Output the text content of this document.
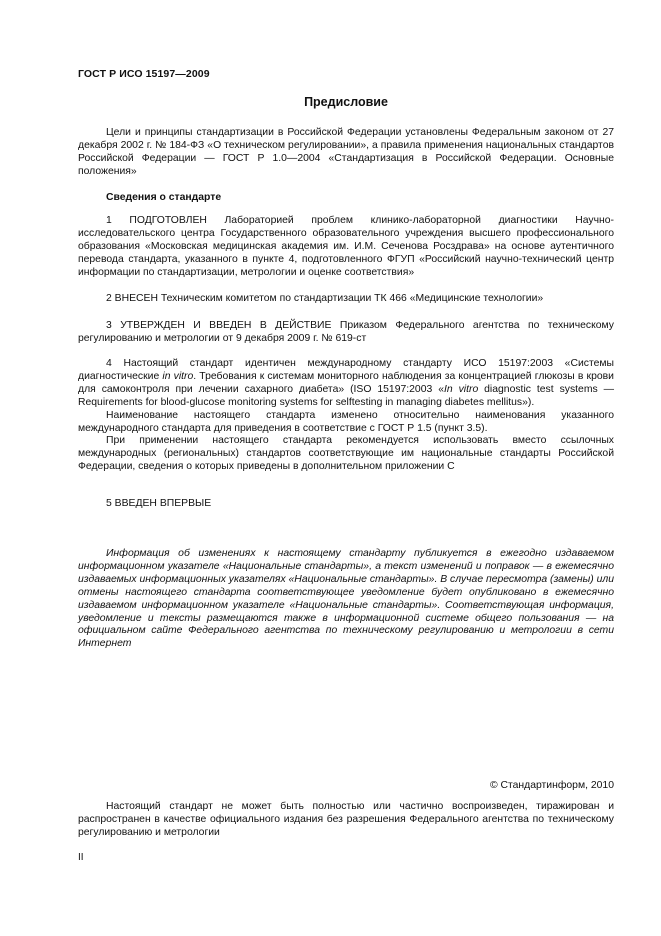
ГОСТ Р ИСО 15197—2009
Предисловие
Цели и принципы стандартизации в Российской Федерации установлены Федеральным законом от 27 декабря 2002 г. № 184-ФЗ «О техническом регулировании», а правила применения национальных стандартов Российской Федерации — ГОСТ Р 1.0—2004 «Стандартизация в Российской Федерации. Основные положения»
Сведения о стандарте
1 ПОДГОТОВЛЕН Лабораторией проблем клинико-лабораторной диагностики Научно-исследовательского центра Государственного образовательного учреждения высшего профессионального образования «Московская медицинская академия им. И.М. Сеченова Росздрава» на основе аутентичного перевода стандарта, указанного в пункте 4, подготовленного ФГУП «Российский научно-технический центр информации по стандартизации, метрологии и оценке соответствия»
2 ВНЕСЕН Техническим комитетом по стандартизации ТК 466 «Медицинские технологии»
3 УТВЕРЖДЕН И ВВЕДЕН В ДЕЙСТВИЕ Приказом Федерального агентства по техническому регулированию и метрологии от 9 декабря 2009 г. № 619-ст

4 Настоящий стандарт идентичен международному стандарту ИСО 15197:2003 «Системы диагностические in vitro. Требования к системам мониторного наблюдения за концентрацией глюкозы в крови для самоконтроля при лечении сахарного диабета» (ISO 15197:2003 «In vitro diagnostic test systems — Requirements for blood-glucose monitoring systems for selftesting in managing diabetes mellitus»).

Наименование настоящего стандарта изменено относительно наименования указанного международного стандарта для приведения в соответствие с ГОСТ Р 1.5 (пункт 3.5).

При применении настоящего стандарта рекомендуется использовать вместо ссылочных международных (региональных) стандартов соответствующие им национальные стандарты Российской Федерации, сведения о которых приведены в дополнительном приложении С

5 ВВЕДЕН ВПЕРВЫЕ
Информация об изменениях к настоящему стандарту публикуется в ежегодно издаваемом информационном указателе «Национальные стандарты», а текст изменений и поправок — в ежемесячно издаваемых информационных указателях «Национальные стандарты». В случае пересмотра (замены) или отмены настоящего стандарта соответствующее уведомление будет опубликовано в ежемесячно издаваемом информационном указателе «Национальные стандарты». Соответствующая информация, уведомление и тексты размещаются также в информационной системе общего пользования — на официальном сайте Федерального агентства по техническому регулированию и метрологии в сети Интернет
© Стандартинформ, 2010
Настоящий стандарт не может быть полностью или частично воспроизведен, тиражирован и распространен в качестве официального издания без разрешения Федерального агентства по техническому регулированию и метрологии
II
